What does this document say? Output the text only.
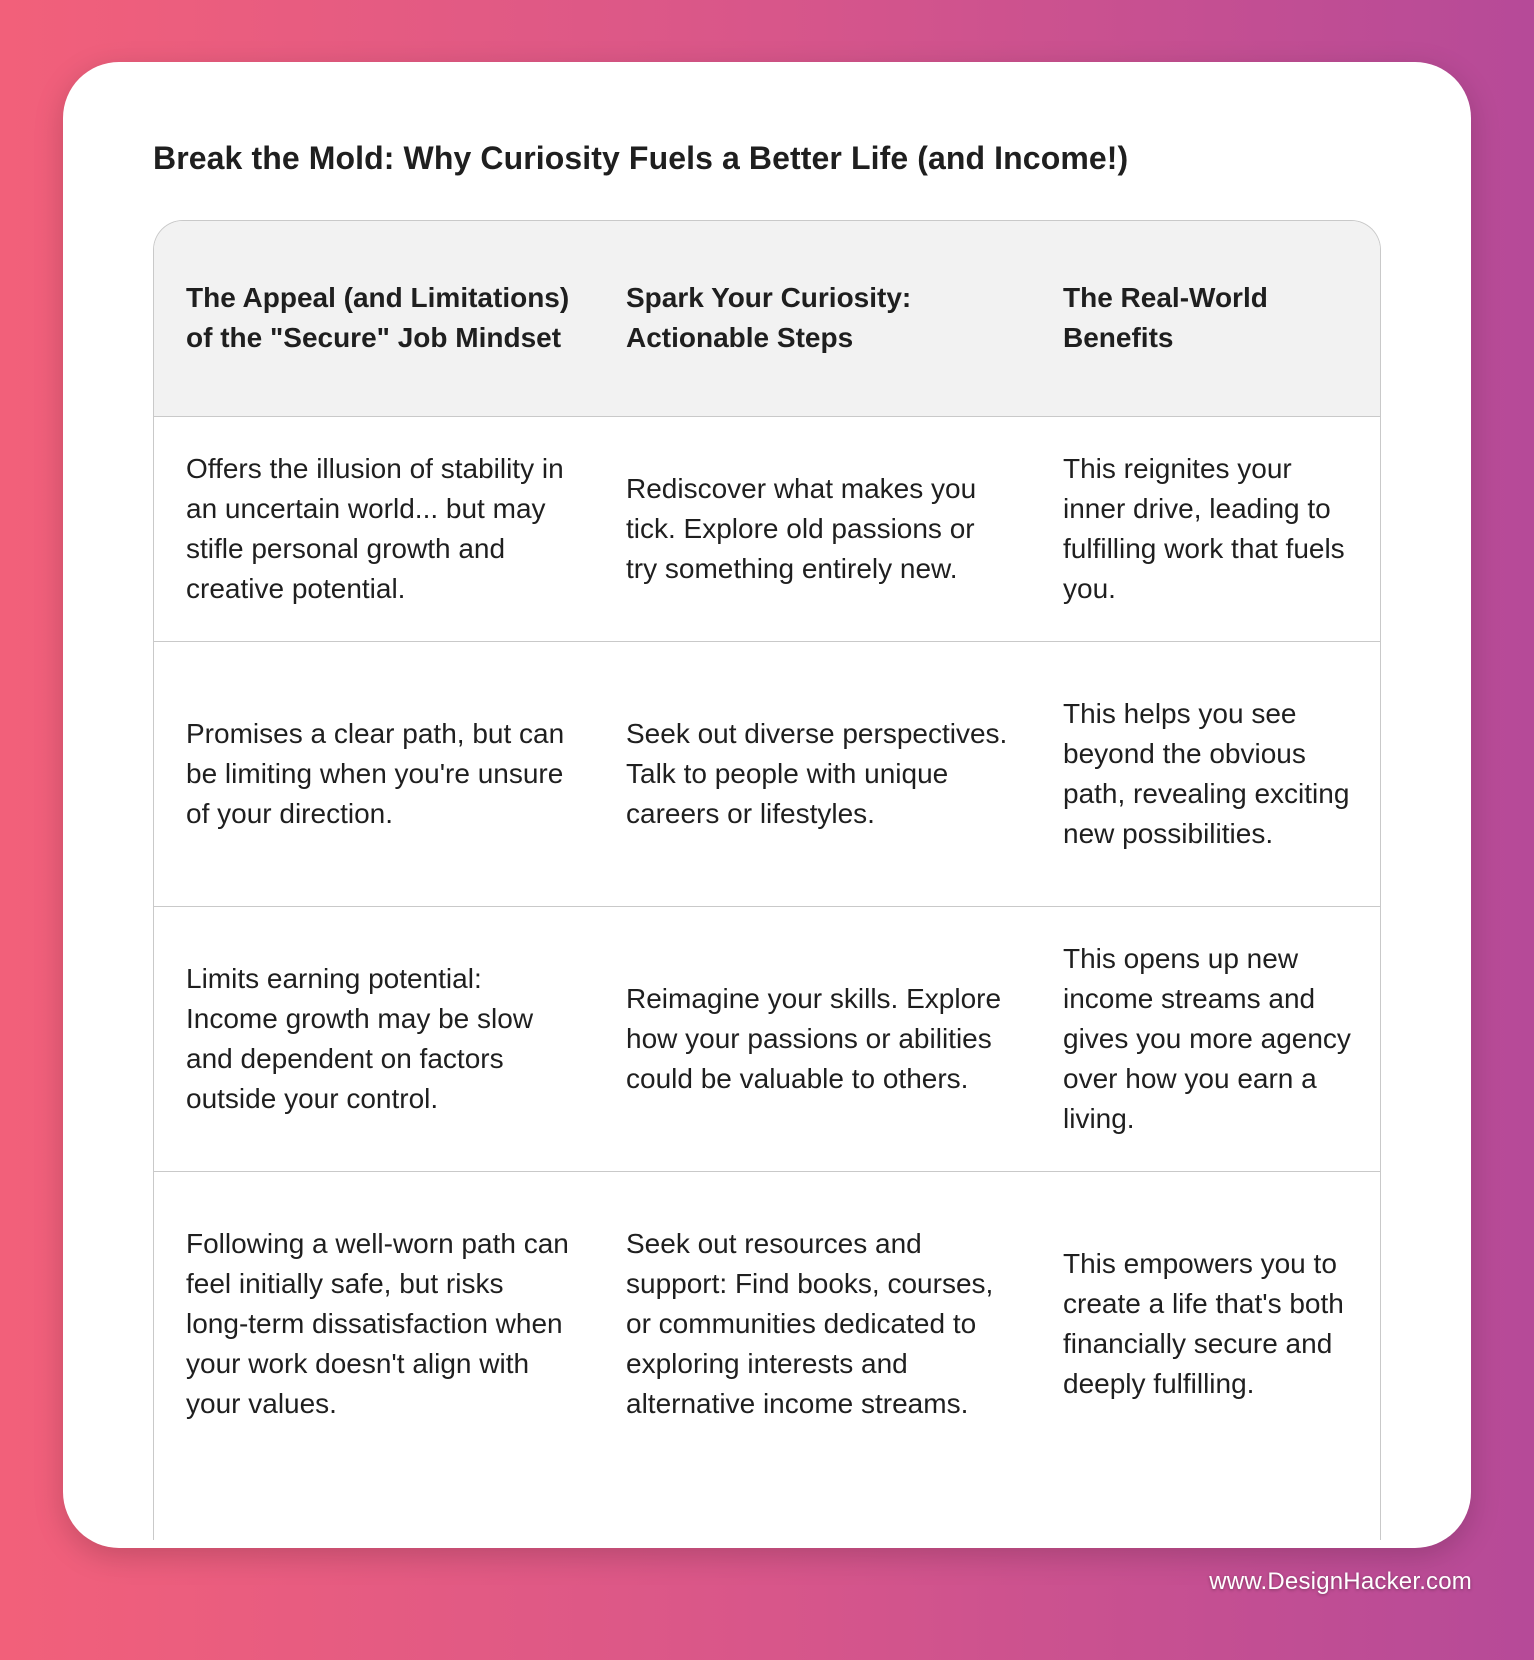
Break the Mold: Why Curiosity Fuels a Better Life (and Income!)
The Appeal (and Limitations) of the "Secure" Job Mindset	Spark Your Curiosity: Actionable Steps	The Real-World Benefits
Offers the illusion of stability in an uncertain world... but may stifle personal growth and creative potential.	Rediscover what makes you tick. Explore old passions or try something entirely new.	This reignites your inner drive, leading to fulfilling work that fuels you.
Promises a clear path, but can be limiting when you're unsure of your direction.	Seek out diverse perspectives. Talk to people with unique careers or lifestyles.	This helps you see beyond the obvious path, revealing exciting new possibilities.
Limits earning potential: Income growth may be slow and dependent on factors outside your control.	Reimagine your skills. Explore how your passions or abilities could be valuable to others.	This opens up new income streams and gives you more agency over how you earn a living.
Following a well-worn path can feel initially safe, but risks long-term dissatisfaction when your work doesn't align with your values.	Seek out resources and support: Find books, courses, or communities dedicated to exploring interests and alternative income streams.	This empowers you to create a life that's both financially secure and deeply fulfilling.
www.DesignHacker.com
